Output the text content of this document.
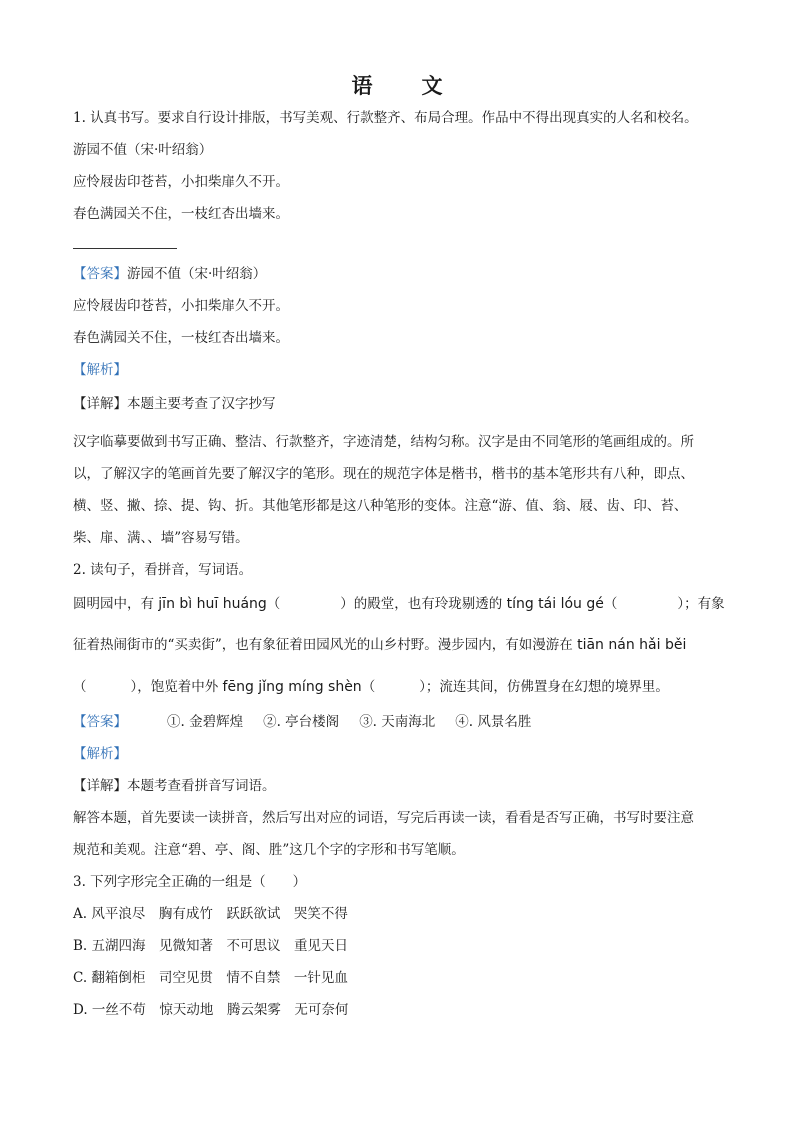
语　文
1. 认真书写。要求自行设计排版，书写美观、行款整齐、布局合理。作品中不得出现真实的人名和校名。
游园不值（宋·叶绍翁）
应怜屐齿印苍苔，小扣柴扉久不开。
春色满园关不住，一枝红杏出墙来。
【答案】游园不值（宋·叶绍翁）
应怜屐齿印苍苔，小扣柴扉久不开。
春色满园关不住，一枝红杏出墙来。
【解析】
【详解】本题主要考查了汉字抄写
汉字临摹要做到书写正确、整洁、行款整齐，字迹清楚，结构匀称。汉字是由不同笔形的笔画组成的。所
以，了解汉字的笔画首先要了解汉字的笔形。现在的规范字体是楷书，楷书的基本笔形共有八种，即点、
横、竖、撇、捺、提、钩、折。其他笔形都是这八种笔形的变体。注意“游、值、翁、屐、齿、印、苔、
柴、扉、满、、墙”容易写错。
2. 读句子，看拼音，写词语。
圆明园中，有 jīn bì huī huáng（	）的殿堂，也有玲珑剔透的 tíng tái lóu gé（	）；有象
征着热闹街市的“买卖街”，也有象征着田园风光的山乡村野。漫步园内，有如漫游在 tiān nán hǎi běi
（	），饱览着中外 fēng jǐng míng shèn（	）；流连其间，仿佛置身在幻想的境界里。
【答案】	①. 金碧辉煌 ②. 亭台楼阁 ③. 天南海北 ④. 风景名胜
【解析】
【详解】本题考查看拼音写词语。
解答本题，首先要读一读拼音，然后写出对应的词语，写完后再读一读，看看是否写正确，书写时要注意
规范和美观。注意“碧、亭、阁、胜”这几个字的字形和书写笔顺。
3. 下列字形完全正确的一组是（　　）
A. 风平浪尽　胸有成竹　跃跃欲试　哭笑不得
B. 五湖四海　见微知著　不可思议　重见天日
C. 翻箱倒柜　司空见贯　情不自禁　一针见血
D. 一丝不苟　惊天动地　腾云架雾　无可奈何
